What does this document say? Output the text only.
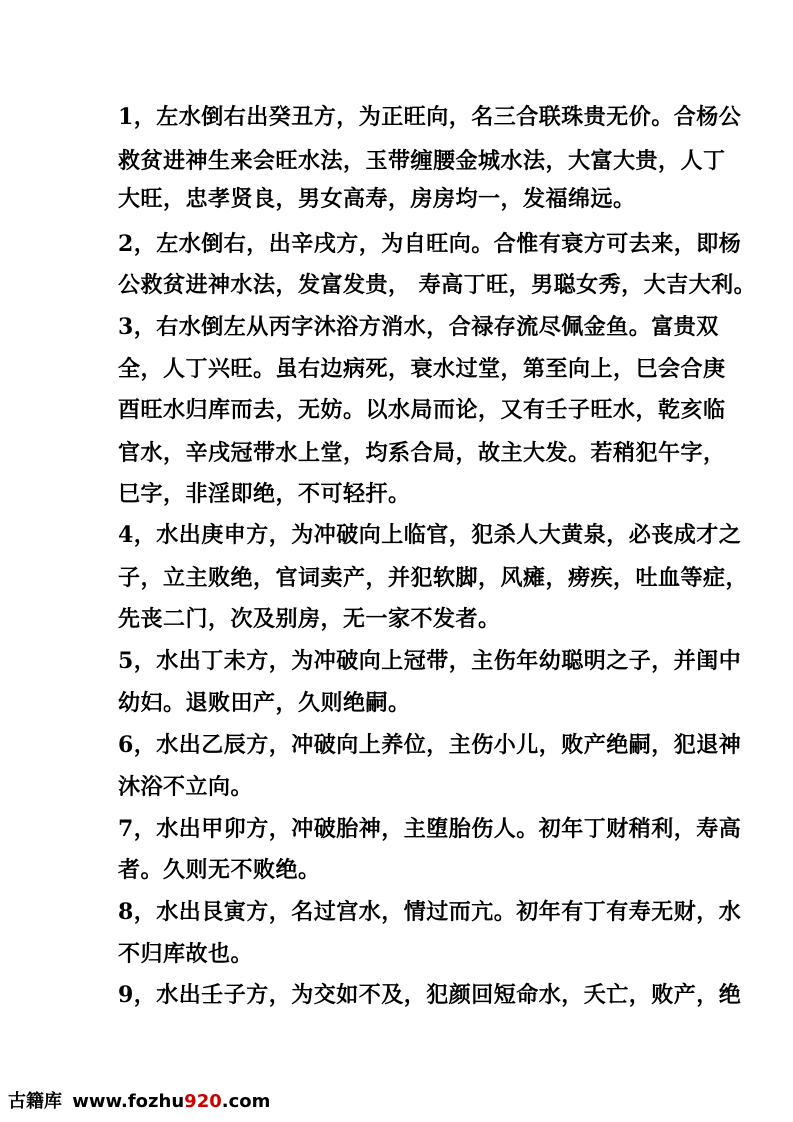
1，左水倒右出癸丑方，为正旺向，名三合联珠贵无价。合杨公
救贫进神生来会旺水法，玉带缠腰金城水法，大富大贵，人丁
大旺，忠孝贤良，男女高寿，房房均一，发福绵远。
2，左水倒右，出辛戌方，为自旺向。合惟有衰方可去来，即杨
公救贫进神水法，发富发贵， 寿高丁旺，男聪女秀，大吉大利。
3，右水倒左从丙字沐浴方消水，合禄存流尽佩金鱼。富贵双
全，人丁兴旺。虽右边病死，衰水过堂，第至向上，巳会合庚
酉旺水归库而去，无妨。以水局而论，又有壬子旺水，乾亥临
官水，辛戌冠带水上堂，均系合局，故主大发。若稍犯午字，
巳字，非淫即绝，不可轻扞。
4，水出庚申方，为冲破向上临官，犯杀人大黄泉，必丧成才之
子，立主败绝，官词卖产，并犯软脚，风瘫，痨疾，吐血等症，
先丧二门，次及别房，无一家不发者。
5，水出丁未方，为冲破向上冠带，主伤年幼聪明之子，并闺中
幼妇。退败田产，久则绝嗣。
6，水出乙辰方，冲破向上养位，主伤小儿，败产绝嗣，犯退神
沐浴不立向。
7，水出甲卯方，冲破胎神，主堕胎伤人。初年丁财稍利，寿高
者。久则无不败绝。
8，水出艮寅方，名过宫水，情过而亢。初年有丁有寿无财，水
不归库故也。
9，水出壬子方，为交如不及，犯颜回短命水，夭亡，败产，绝
古籍库 www.fozhu920.com
